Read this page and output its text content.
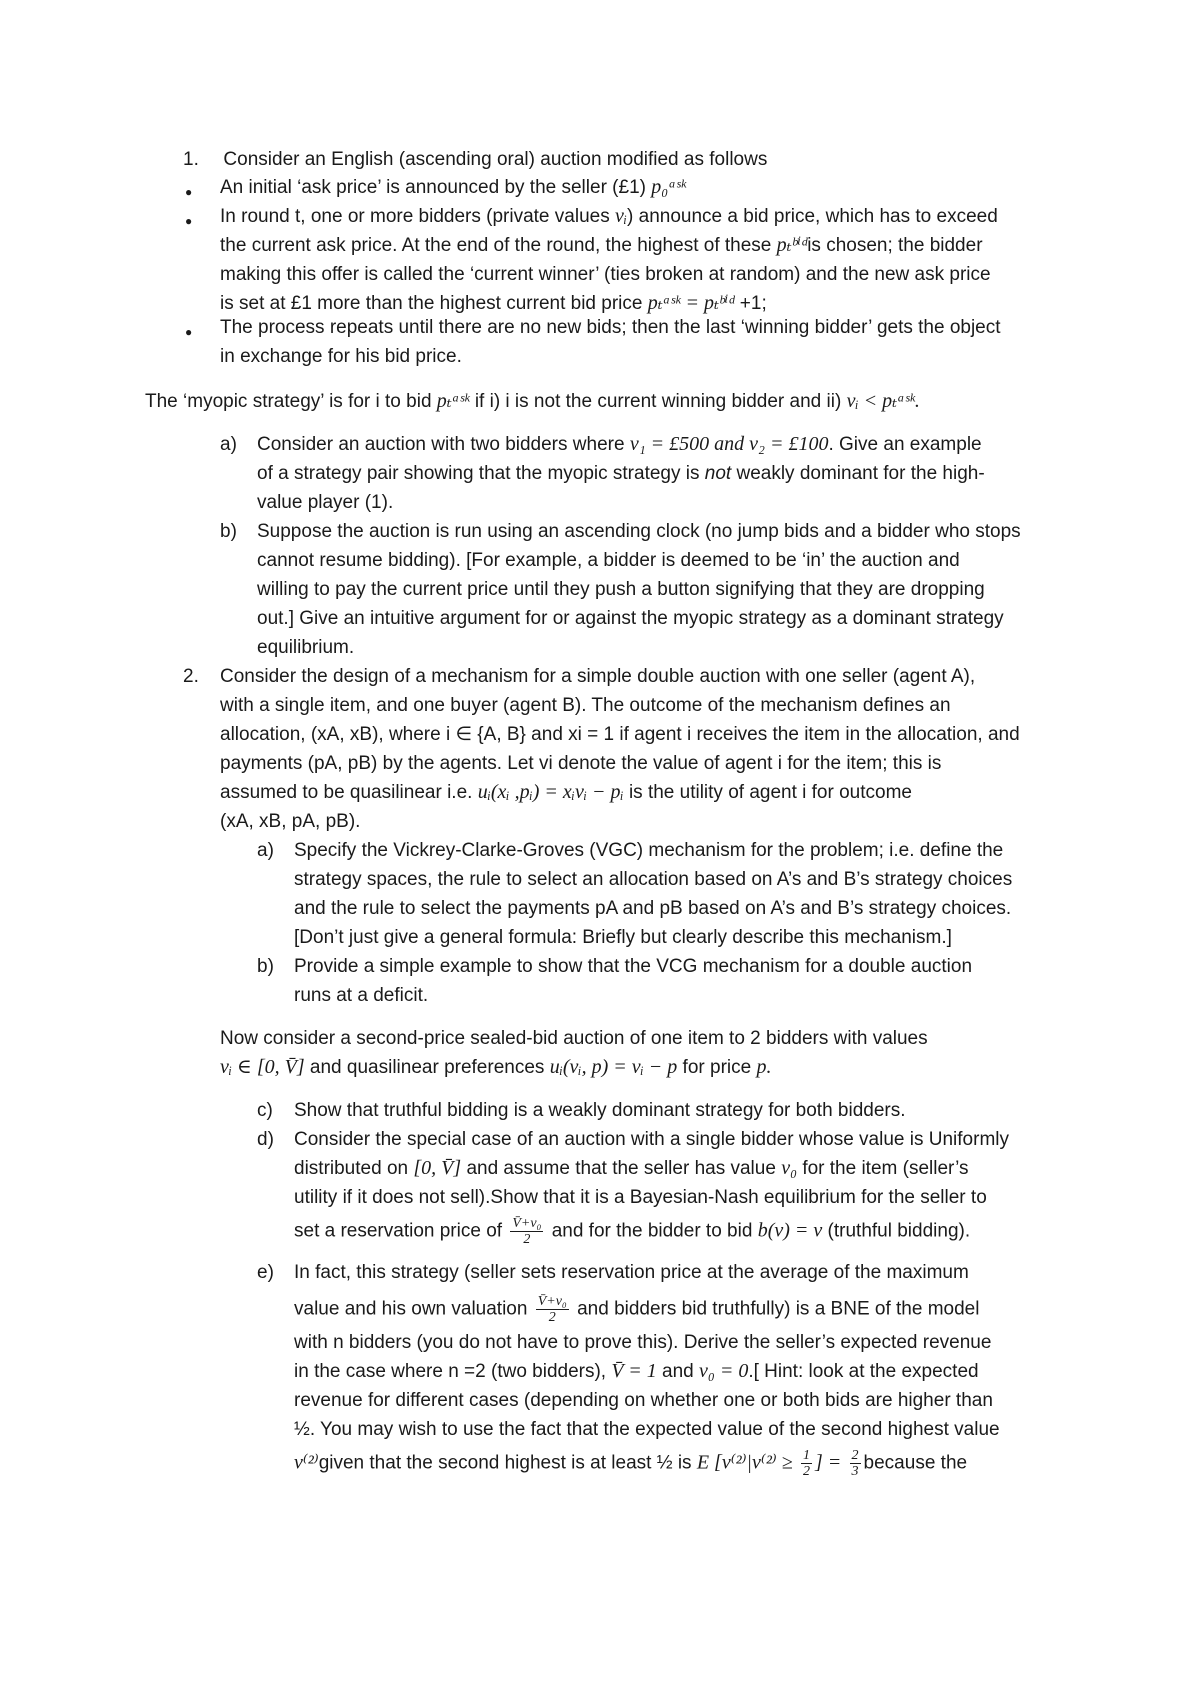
1. Consider an English (ascending oral) auction modified as follows
● An initial ‘ask price’ is announced by the seller (£1) p₀ᵃˢᵏ
● In round t, one or more bidders (private values vᵢ) announce a bid price, which has to exceed
the current ask price. At the end of the round, the highest of these pₜᵇⁱᵈis chosen; the bidder
making this offer is called the ‘current winner’ (ties broken at random) and the new ask price
is set at £1 more than the highest current bid price pₜᵃˢᵏ = pₜᵇⁱᵈ +1;
● The process repeats until there are no new bids; then the last ‘winning bidder’ gets the object
in exchange for his bid price.
The ‘myopic strategy’ is for i to bid pₜᵃˢᵏ if i) i is not the current winning bidder and ii) vᵢ < pₜᵃˢᵏ.
a) Consider an auction with two bidders where v₁ = £500 and v₂ = £100. Give an example
of a strategy pair showing that the myopic strategy is not weakly dominant for the high-
value player (1).
b) Suppose the auction is run using an ascending clock (no jump bids and a bidder who stops
cannot resume bidding). [For example, a bidder is deemed to be ‘in’ the auction and
willing to pay the current price until they push a button signifying that they are dropping
out.] Give an intuitive argument for or against the myopic strategy as a dominant strategy
equilibrium.
2. Consider the design of a mechanism for a simple double auction with one seller (agent A),
with a single item, and one buyer (agent B). The outcome of the mechanism defines an
allocation, (xA, xB), where i ∈ {A, B} and xi = 1 if agent i receives the item in the allocation, and
payments (pA, pB) by the agents. Let vi denote the value of agent i for the item; this is
assumed to be quasilinear i.e. uᵢ(xᵢ ,pᵢ) = xᵢvᵢ − pᵢ is the utility of agent i for outcome
(xA, xB, pA, pB).
a) Specify the Vickrey-Clarke-Groves (VGC) mechanism for the problem; i.e. define the
strategy spaces, the rule to select an allocation based on A’s and B’s strategy choices
and the rule to select the payments pA and pB based on A’s and B’s strategy choices.
[Don’t just give a general formula: Briefly but clearly describe this mechanism.]
b) Provide a simple example to show that the VCG mechanism for a double auction
runs at a deficit.
Now consider a second-price sealed-bid auction of one item to 2 bidders with values
vᵢ ∈ [0, V̄] and quasilinear preferences uᵢ(vᵢ, p) = vᵢ − p for price p.
c) Show that truthful bidding is a weakly dominant strategy for both bidders.
d) Consider the special case of an auction with a single bidder whose value is Uniformly
distributed on [0, V̄] and assume that the seller has value v₀ for the item (seller’s
utility if it does not sell).Show that it is a Bayesian-Nash equilibrium for the seller to
set a reservation price of $\frac{\text{V̄+v₀}}{2}$ and for the bidder to bid b(v) = v (truthful bidding).
e) In fact, this strategy (seller sets reservation price at the average of the maximum
value and his own valuation $\frac{\text{V̄+v₀}}{2}$ and bidders bid truthfully) is a BNE of the model
with n bidders (you do not have to prove this). Derive the seller’s expected revenue
in the case where n =2 (two bidders), V̄ = 1 and v₀ = 0.[ Hint: look at the expected
revenue for different cases (depending on whether one or both bids are higher than
½. You may wish to use the fact that the expected value of the second highest value
v⁽²⁾given that the second highest is at least ½ is E [$v^{(2)}|v^{(2)} \ge \frac{1}{2}$ ] = $\frac{2}{3}$ because the
